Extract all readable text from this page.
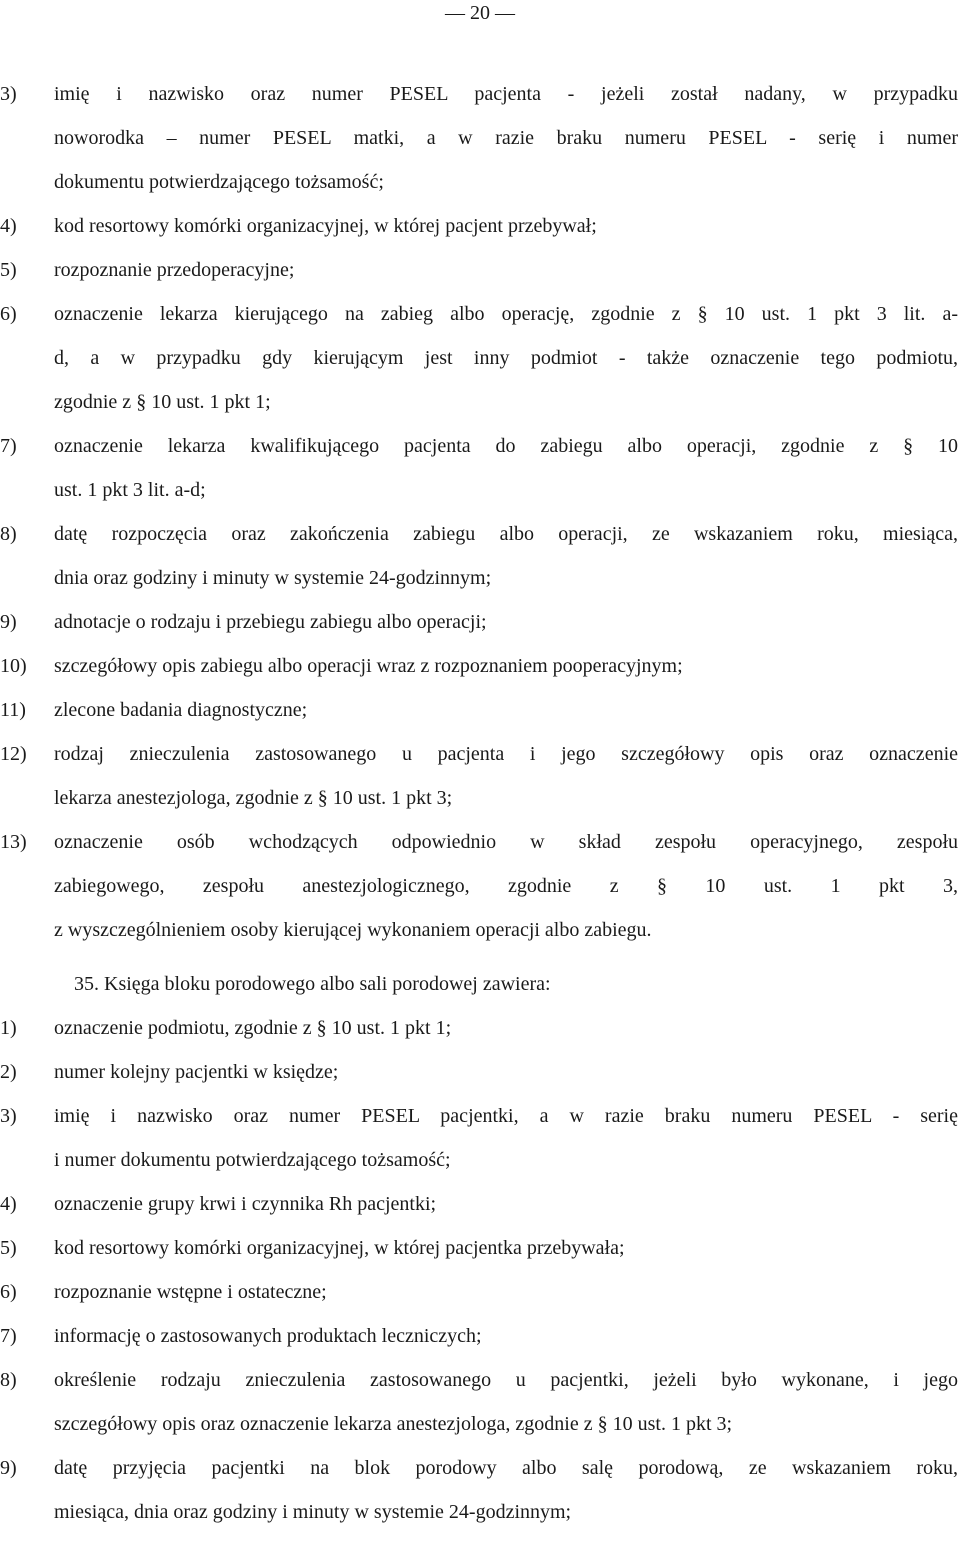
— 20 —
3) imię i nazwisko oraz numer PESEL pacjenta - jeżeli został nadany, w przypadku
noworodka – numer PESEL matki, a w razie braku numeru PESEL - serię i numer
dokumentu potwierdzającego tożsamość;
4) kod resortowy komórki organizacyjnej, w której pacjent przebywał;
5) rozpoznanie przedoperacyjne;
6) oznaczenie lekarza kierującego na zabieg albo operację, zgodnie z § 10 ust. 1 pkt 3 lit. a-
d, a w przypadku gdy kierującym jest inny podmiot - także oznaczenie tego podmiotu,
zgodnie z § 10 ust. 1 pkt 1;
7) oznaczenie lekarza kwalifikującego pacjenta do zabiegu albo operacji, zgodnie z § 10
ust. 1 pkt 3 lit. a-d;
8) datę rozpoczęcia oraz zakończenia zabiegu albo operacji, ze wskazaniem roku, miesiąca,
dnia oraz godziny i minuty w systemie 24-godzinnym;
9) adnotacje o rodzaju i przebiegu zabiegu albo operacji;
10) szczegółowy opis zabiegu albo operacji wraz z rozpoznaniem pooperacyjnym;
11) zlecone badania diagnostyczne;
12) rodzaj znieczulenia zastosowanego u pacjenta i jego szczegółowy opis oraz oznaczenie
lekarza anestezjologa, zgodnie z § 10 ust. 1 pkt 3;
13) oznaczenie osób wchodzących odpowiednio w skład zespołu operacyjnego, zespołu
zabiegowego, zespołu anestezjologicznego, zgodnie z § 10 ust. 1 pkt 3,
z wyszczególnieniem osoby kierującej wykonaniem operacji albo zabiegu.
35. Księga bloku porodowego albo sali porodowej zawiera:
1) oznaczenie podmiotu, zgodnie z § 10 ust. 1 pkt 1;
2) numer kolejny pacjentki w księdze;
3) imię i nazwisko oraz numer PESEL pacjentki, a w razie braku numeru PESEL - serię
i numer dokumentu potwierdzającego tożsamość;
4) oznaczenie grupy krwi i czynnika Rh pacjentki;
5) kod resortowy komórki organizacyjnej, w której pacjentka przebywała;
6) rozpoznanie wstępne i ostateczne;
7) informację o zastosowanych produktach leczniczych;
8) określenie rodzaju znieczulenia zastosowanego u pacjentki, jeżeli było wykonane, i jego
szczegółowy opis oraz oznaczenie lekarza anestezjologa, zgodnie z § 10 ust. 1 pkt 3;
9) datę przyjęcia pacjentki na blok porodowy albo salę porodową, ze wskazaniem roku,
miesiąca, dnia oraz godziny i minuty w systemie 24-godzinnym;
